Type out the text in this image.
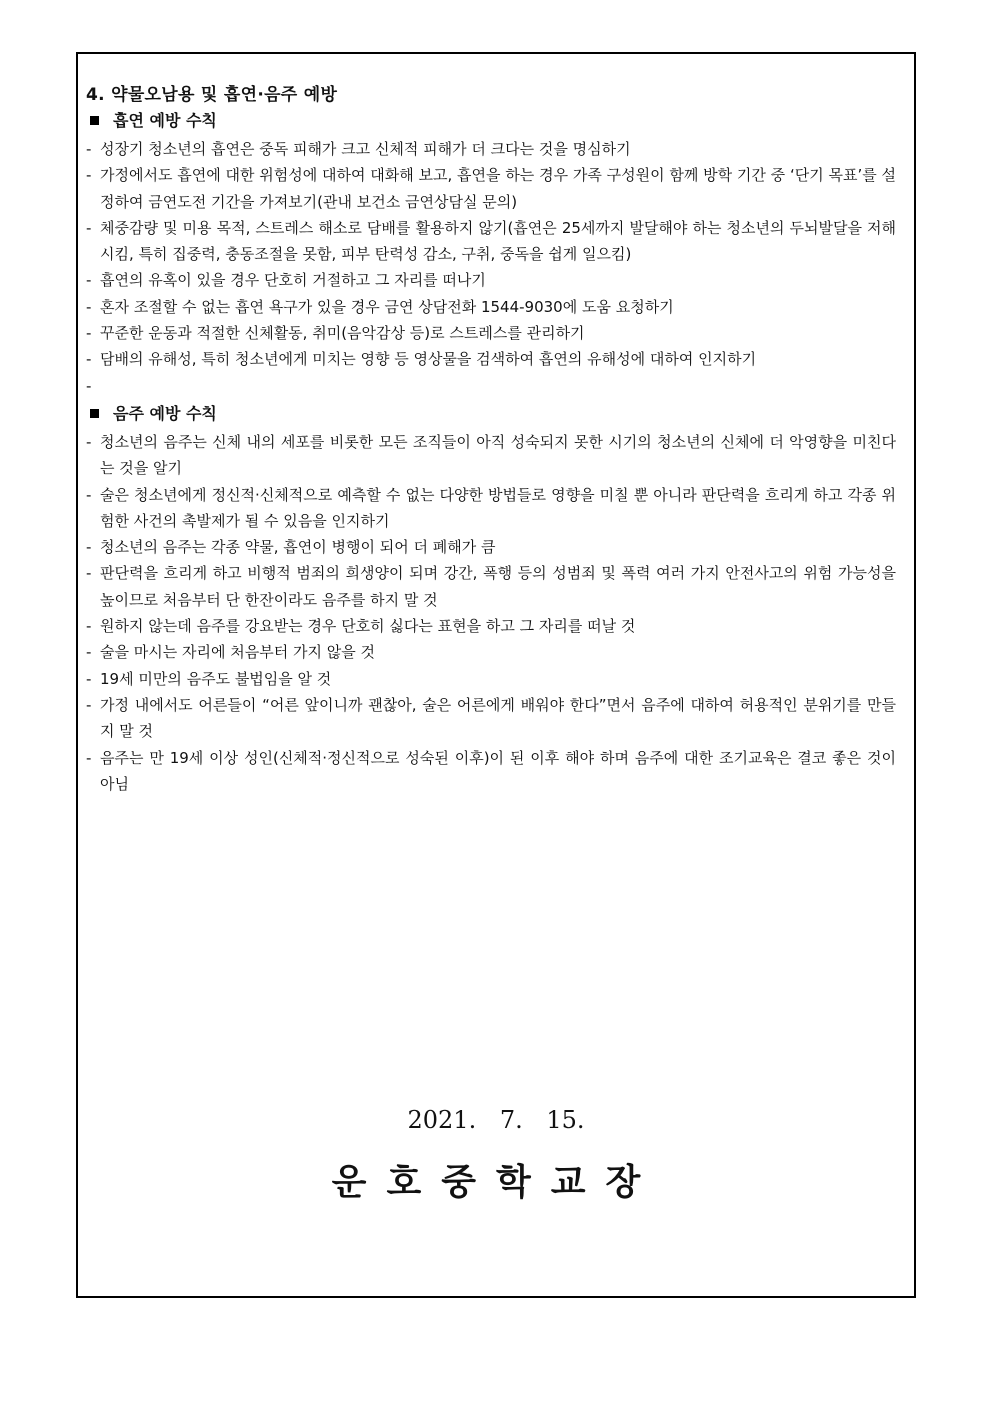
4. 약물오남용 및 흡연·음주 예방
흡연 예방 수칙
- 성장기 청소년의 흡연은 중독 피해가 크고 신체적 피해가 더 크다는 것을 명심하기
- 가정에서도 흡연에 대한 위험성에 대하여 대화해 보고, 흡연을 하는 경우 가족 구성원이 함께 방학 기간 중 ‘단기 목표’를 설정하여 금연도전 기간을 가져보기(관내 보건소 금연상담실 문의)
- 체중감량 및 미용 목적, 스트레스 해소로 담배를 활용하지 않기(흡연은 25세까지 발달해야 하는 청소년의 두뇌발달을 저해시킴, 특히 집중력, 충동조절을 못함, 피부 탄력성 감소, 구취, 중독을 쉽게 일으킴)
- 흡연의 유혹이 있을 경우 단호히 거절하고 그 자리를 떠나기
- 혼자 조절할 수 없는 흡연 욕구가 있을 경우 금연 상담전화 1544-9030에 도움 요청하기
- 꾸준한 운동과 적절한 신체활동, 취미(음악감상 등)로 스트레스를 관리하기
- 담배의 유해성, 특히 청소년에게 미치는 영향 등 영상물을 검색하여 흡연의 유해성에 대하여 인지하기
-
음주 예방 수칙
- 청소년의 음주는 신체 내의 세포를 비롯한 모든 조직들이 아직 성숙되지 못한 시기의 청소년의 신체에 더 악영향을 미친다는 것을 알기
- 술은 청소년에게 정신적·신체적으로 예측할 수 없는 다양한 방법들로 영향을 미칠 뿐 아니라 판단력을 흐리게 하고 각종 위험한 사건의 촉발제가 될 수 있음을 인지하기
- 청소년의 음주는 각종 약물, 흡연이 병행이 되어 더 폐해가 큼
- 판단력을 흐리게 하고 비행적 범죄의 희생양이 되며 강간, 폭행 등의 성범죄 및 폭력 여러 가지 안전사고의 위험 가능성을 높이므로 처음부터 단 한잔이라도 음주를 하지 말 것
- 원하지 않는데 음주를 강요받는 경우 단호히 싫다는 표현을 하고 그 자리를 떠날 것
- 술을 마시는 자리에 처음부터 가지 않을 것
- 19세 미만의 음주도 불법임을 알 것
- 가정 내에서도 어른들이 “어른 앞이니까 괜찮아, 술은 어른에게 배워야 한다”면서 음주에 대하여 허용적인 분위기를 만들지 말 것
- 음주는 만 19세 이상 성인(신체적·정신적으로 성숙된 이후)이 된 이후 해야 하며 음주에 대한 조기교육은 결코 좋은 것이 아님
2021. 7. 15.
운호중학교장
